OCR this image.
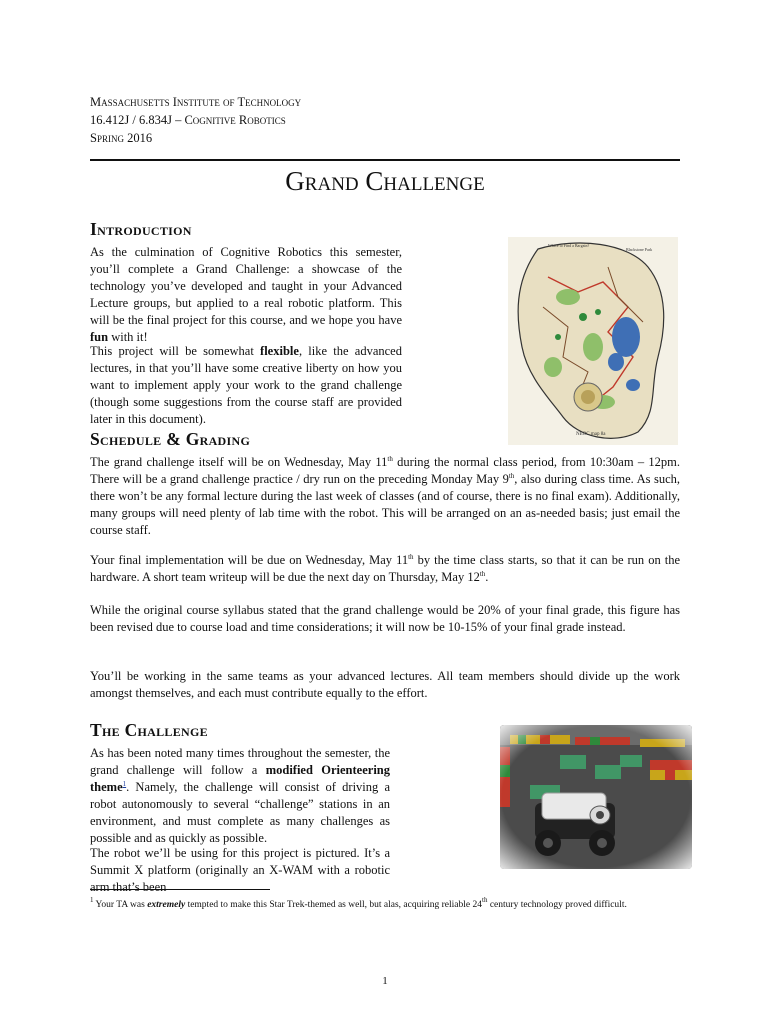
Massachusetts Institute of Technology
16.412J / 6.834J – Cognitive Robotics
Spring 2016
Grand Challenge
Introduction

As the culmination of Cognitive Robotics this semester, you’ll complete a Grand Challenge: a showcase of the technology you’ve developed and taught in your Advanced Lecture groups, but applied to a real robotic platform. This will be the final project for this course, and we hope you have fun with it!

This project will be somewhat flexible, like the advanced lectures, in that you’ll have some creative liberty on how you want to implement apply your work to the grand challenge (though some suggestions from the course staff are provided later in this document).

Where to Find a Bargain?
Blackstone Park
NEOC map 8a
Schedule & Grading

The grand challenge itself will be on Wednesday, May 11th during the normal class period, from 10:30am – 12pm. There will be a grand challenge practice / dry run on the preceding Monday May 9th, also during class time. As such, there won’t be any formal lecture during the last week of classes (and of course, there is no final exam). Additionally, many groups will need plenty of lab time with the robot. This will be arranged on an as-needed basis; just email the course staff.

Your final implementation will be due on Wednesday, May 11th by the time class starts, so that it can be run on the hardware. A short team writeup will be due the next day on Thursday, May 12th.

While the original course syllabus stated that the grand challenge would be 20% of your final grade, this figure has been revised due to course load and time considerations; it will now be 10-15% of your final grade instead.

You’ll be working in the same teams as your advanced lectures. All team members should divide up the work amongst themselves, and each must contribute equally to the effort.

The Challenge

As has been noted many times throughout the semester, the grand challenge will follow a modified Orienteering theme$^1$. Namely, the challenge will consist of driving a robot autonomously to several “challenge” stations in an environment, and must complete as many challenges as possible and as quickly as possible.

The robot we’ll be using for this project is pictured. It’s a Summit X platform (originally an X-WAM with a robotic arm that’s been

$^1$ Your TA was extremely tempted to make this Star Trek-themed as well, but alas, acquiring reliable 24th century technology proved difficult.
1
